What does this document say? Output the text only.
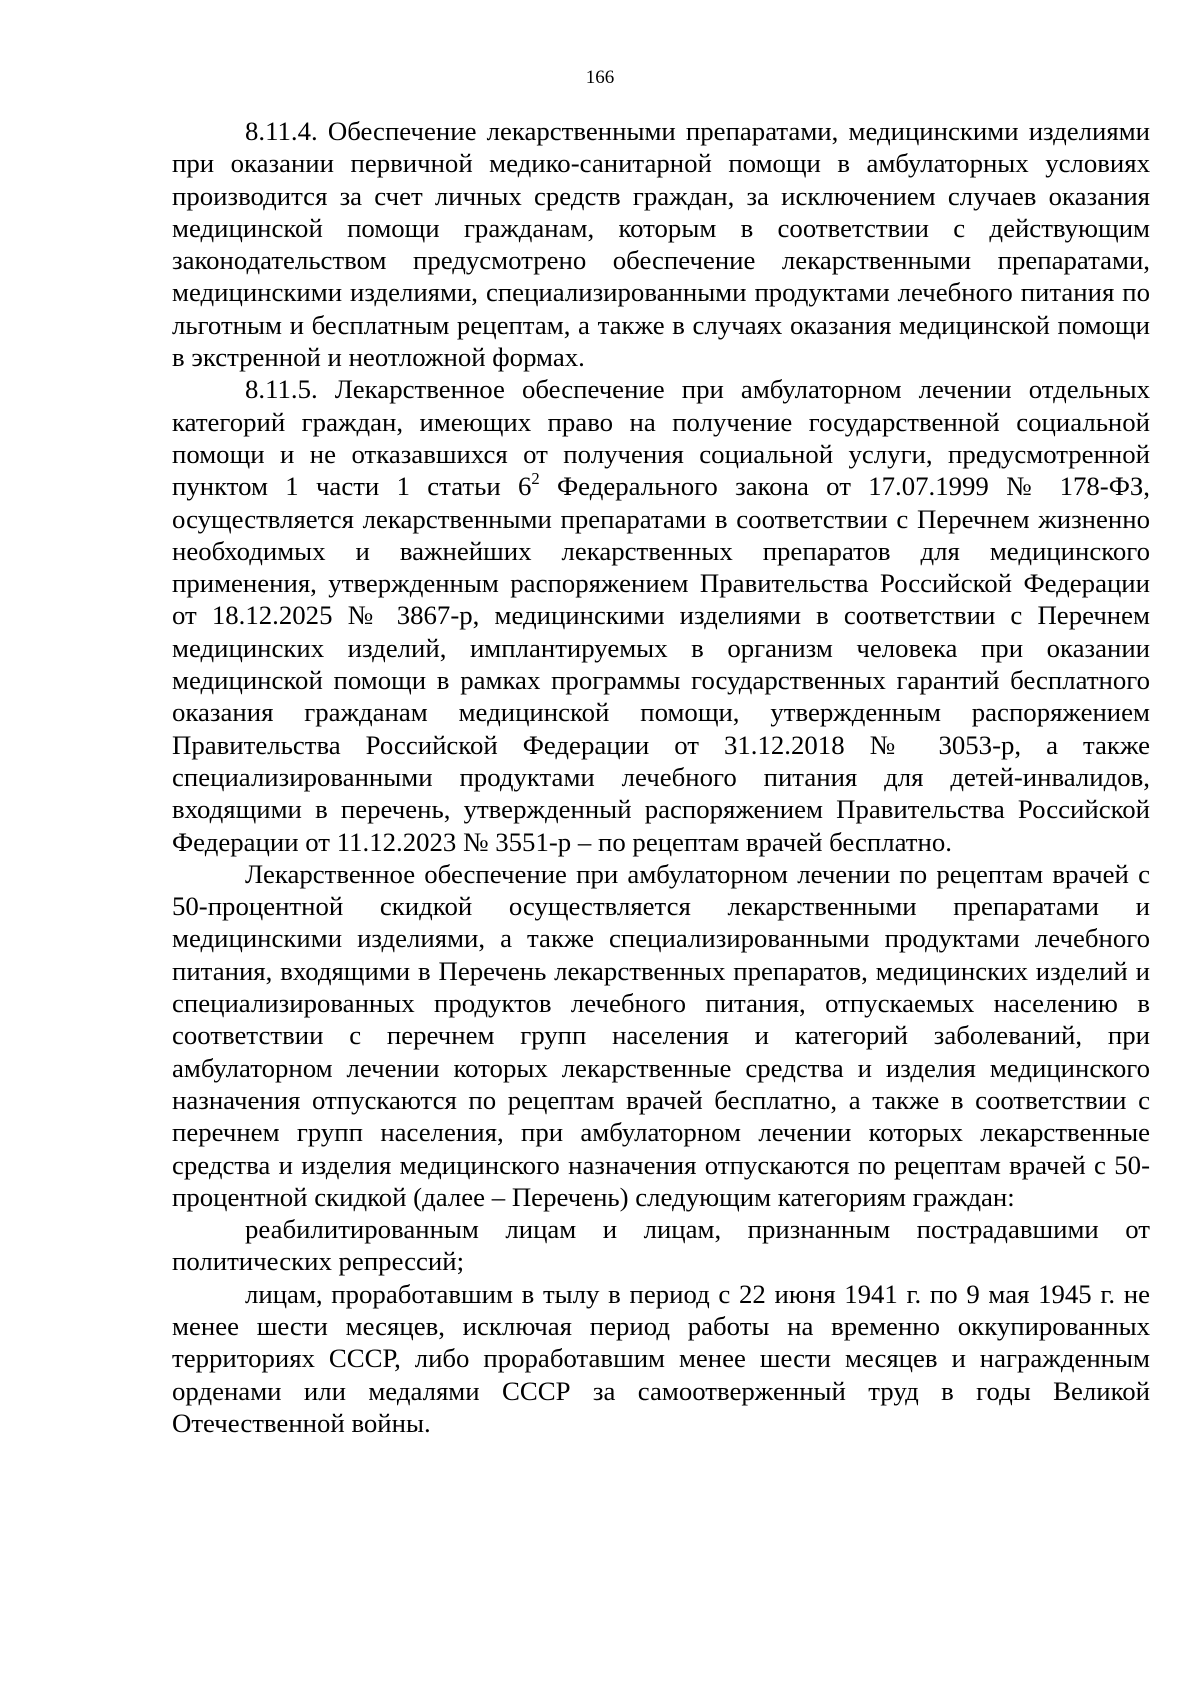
166

8.11.4. Обеспечение лекарственными препаратами, медицинскими изделиями при оказании первичной медико-санитарной помощи в амбулаторных условиях производится за счет личных средств граждан, за исключением случаев оказания медицинской помощи гражданам, которым в соответствии с действующим законодательством предусмотрено обеспечение лекарственными препаратами, медицинскими изделиями, специализированными продуктами лечебного питания по льготным и бесплатным рецептам, а также в случаях оказания медицинской помощи в экстренной и неотложной формах.

8.11.5. Лекарственное обеспечение при амбулаторном лечении отдельных категорий граждан, имеющих право на получение государственной социальной помощи и не отказавшихся от получения социальной услуги, предусмотренной пунктом 1 части 1 статьи $6^2$ Федерального закона от 17.07.1999 № 178-ФЗ, осуществляется лекарственными препаратами в соответствии с Перечнем жизненно необходимых и важнейших лекарственных препаратов для медицинского применения, утвержденным распоряжением Правительства Российской Федерации от 18.12.2025 № 3867-р, медицинскими изделиями в соответствии с Перечнем медицинских изделий, имплантируемых в организм человека при оказании медицинской помощи в рамках программы государственных гарантий бесплатного оказания гражданам медицинской помощи, утвержденным распоряжением Правительства Российской Федерации от 31.12.2018 № 3053-р, а также специализированными продуктами лечебного питания для детей-инвалидов, входящими в перечень, утвержденный распоряжением Правительства Российской Федерации от 11.12.2023 № 3551-р – по рецептам врачей бесплатно.

Лекарственное обеспечение при амбулаторном лечении по рецептам врачей с 50-процентной скидкой осуществляется лекарственными препаратами и медицинскими изделиями, а также специализированными продуктами лечебного питания, входящими в Перечень лекарственных препаратов, медицинских изделий и специализированных продуктов лечебного питания, отпускаемых населению в соответствии с перечнем групп населения и категорий заболеваний, при амбулаторном лечении которых лекарственные средства и изделия медицинского назначения отпускаются по рецептам врачей бесплатно, а также в соответствии с перечнем групп населения, при амбулаторном лечении которых лекарственные средства и изделия медицинского назначения отпускаются по рецептам врачей с 50-процентной скидкой (далее – Перечень) следующим категориям граждан:

реабилитированным лицам и лицам, признанным пострадавшими от политических репрессий;

лицам, проработавшим в тылу в период с 22 июня 1941 г. по 9 мая 1945 г. не менее шести месяцев, исключая период работы на временно оккупированных территориях СССР, либо проработавшим менее шести месяцев и награжденным орденами или медалями СССР за самоотверженный труд в годы Великой Отечественной войны.
